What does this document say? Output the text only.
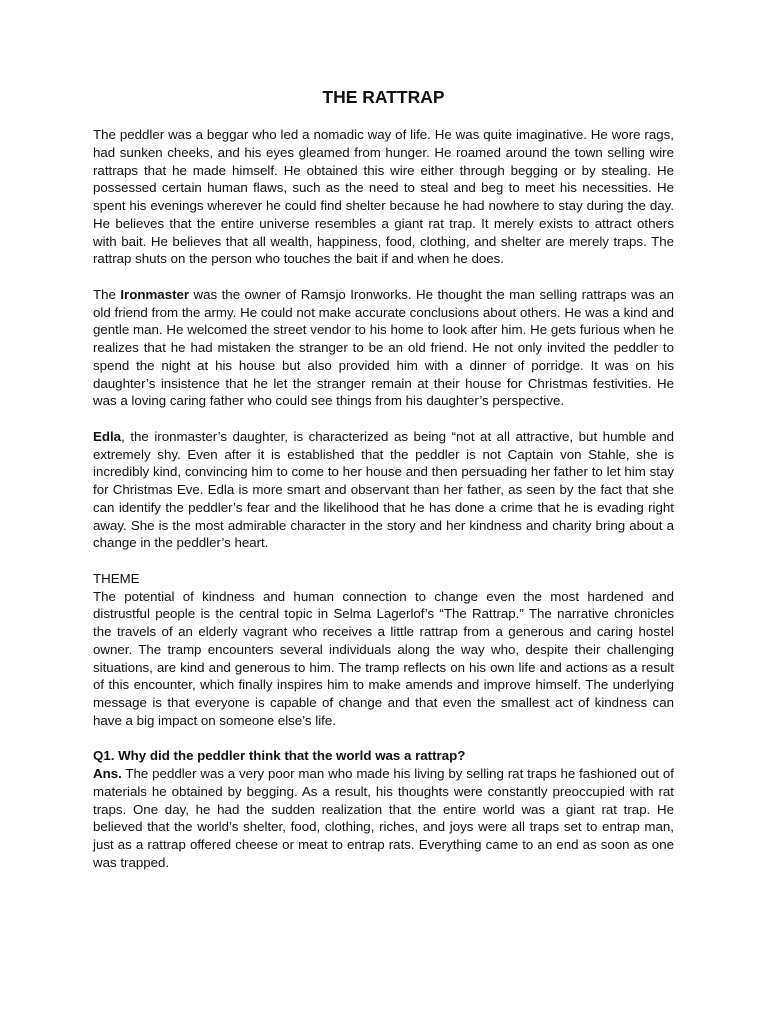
THE RATTRAP

The peddler was a beggar who led a nomadic way of life. He was quite imaginative. He wore rags, had sunken cheeks, and his eyes gleamed from hunger. He roamed around the town selling wire rattraps that he made himself. He obtained this wire either through begging or by stealing. He possessed certain human flaws, such as the need to steal and beg to meet his necessities. He spent his evenings wherever he could find shelter because he had nowhere to stay during the day. He believes that the entire universe resembles a giant rat trap. It merely exists to attract others with bait. He believes that all wealth, happiness, food, clothing, and shelter are merely traps. The rattrap shuts on the person who touches the bait if and when he does.

The Ironmaster was the owner of Ramsjo Ironworks. He thought the man selling rattraps was an old friend from the army. He could not make accurate conclusions about others. He was a kind and gentle man. He welcomed the street vendor to his home to look after him. He gets furious when he realizes that he had mistaken the stranger to be an old friend. He not only invited the peddler to spend the night at his house but also provided him with a dinner of porridge. It was on his daughter’s insistence that he let the stranger remain at their house for Christmas festivities. He was a loving caring father who could see things from his daughter’s perspective.

Edla, the ironmaster’s daughter, is characterized as being “not at all attractive, but humble and extremely shy. Even after it is established that the peddler is not Captain von Stahle, she is incredibly kind, convincing him to come to her house and then persuading her father to let him stay for Christmas Eve. Edla is more smart and observant than her father, as seen by the fact that she can identify the peddler’s fear and the likelihood that he has done a crime that he is evading right away. She is the most admirable character in the story and her kindness and charity bring about a change in the peddler’s heart.

THEME
The potential of kindness and human connection to change even the most hardened and distrustful people is the central topic in Selma Lagerlof’s “The Rattrap.” The narrative chronicles the travels of an elderly vagrant who receives a little rattrap from a generous and caring hostel owner. The tramp encounters several individuals along the way who, despite their challenging situations, are kind and generous to him. The tramp reflects on his own life and actions as a result of this encounter, which finally inspires him to make amends and improve himself. The underlying message is that everyone is capable of change and that even the smallest act of kindness can have a big impact on someone else’s life.
Q1. Why did the peddler think that the world was a rattrap?
Ans. The peddler was a very poor man who made his living by selling rat traps he fashioned out of materials he obtained by begging. As a result, his thoughts were constantly preoccupied with rat traps. One day, he had the sudden realization that the entire world was a giant rat trap. He believed that the world’s shelter, food, clothing, riches, and joys were all traps set to entrap man, just as a rattrap offered cheese or meat to entrap rats. Everything came to an end as soon as one was trapped.
